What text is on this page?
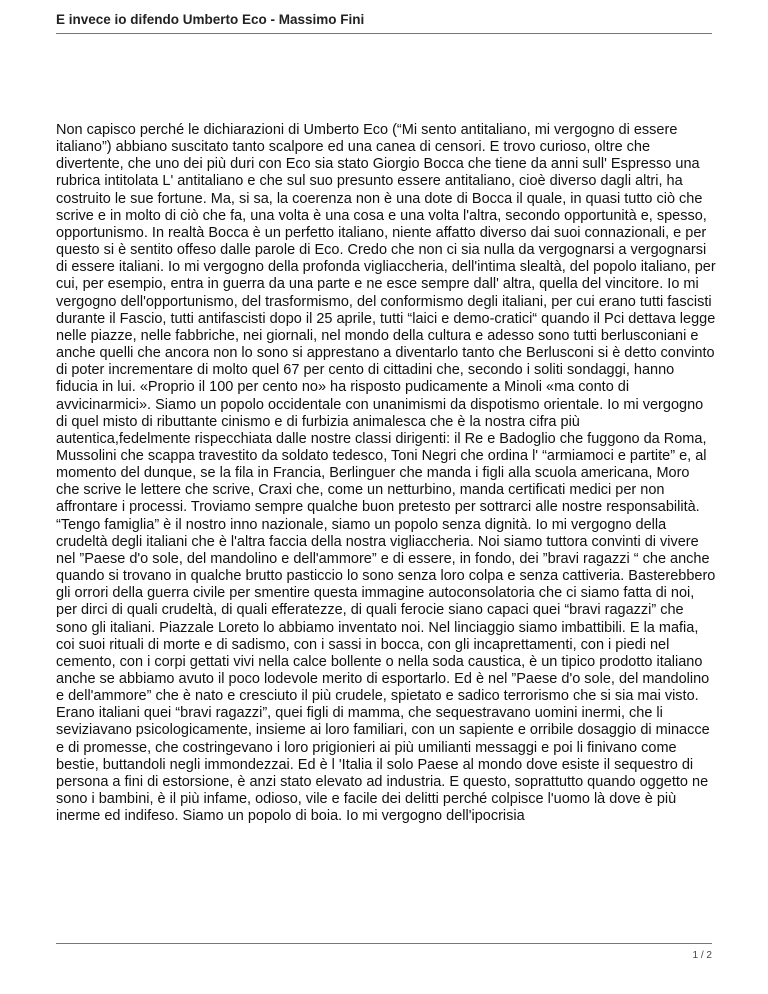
E invece io difendo Umberto Eco - Massimo Fini
Non capisco perché le dichiarazioni di Umberto Eco (“Mi sento antitaliano, mi vergogno di essere italiano”) abbiano suscitato tanto scalpore ed una canea di censori. E trovo curioso, oltre che divertente, che uno dei più duri con Eco sia stato Giorgio Bocca che tiene da anni sull' Espresso una rubrica intitolata L' antitaliano e che sul suo presunto essere antitaliano, cioè diverso dagli altri, ha costruito le sue fortune. Ma, si sa, la coerenza non è una dote di Bocca il quale, in quasi tutto ciò che scrive e in molto di ciò che fa, una volta è una cosa e una volta l'altra, secondo opportunità e, spesso, opportunismo. In realtà Bocca è un perfetto italiano, niente affatto diverso dai suoi connazionali, e per questo si è sentito offeso dalle parole di Eco. Credo che non ci sia nulla da vergognarsi a vergognarsi di essere italiani. Io mi vergogno della profonda vigliaccheria, dell'intima slealtà, del popolo italiano, per cui, per esempio, entra in guerra da una parte e ne esce sempre dall' altra, quella del vincitore. Io mi vergogno dell'opportunismo, del trasformismo, del conformismo degli italiani, per cui erano tutti fascisti durante il Fascio, tutti antifascisti dopo il 25 aprile, tutti “laici e demo-cratici“ quando il Pci dettava legge nelle piazze, nelle fabbriche, nei giornali, nel mondo della cultura e adesso sono tutti berlusconiani e anche quelli che ancora non lo sono si apprestano a diventarlo tanto che Berlusconi si è detto convinto di poter incrementare di molto quel 67 per cento di cittadini che, secondo i soliti sondaggi, hanno fiducia in lui. «Proprio il 100 per cento no» ha risposto pudicamente a Minoli «ma conto di avvicinarmici». Siamo un popolo occidentale con unanimismi da dispotismo orientale. Io mi vergogno di quel misto di ributtante cinismo e di furbizia animalesca che è la nostra cifra più autentica,fedelmente rispecchiata dalle nostre classi dirigenti: il Re e Badoglio che fuggono da Roma, Mussolini che scappa travestito da soldato tedesco, Toni Negri che ordina l' “armiamoci e partite” e, al momento del dunque, se la fila in Francia, Berlinguer che manda i figli alla scuola americana, Moro che scrive le lettere che scrive, Craxi che, come un netturbino, manda certificati medici per non affrontare i processi. Troviamo sempre qualche buon pretesto per sottrarci alle nostre responsabilità. “Tengo famiglia” è il nostro inno nazionale, siamo un popolo senza dignità. Io mi vergogno della crudeltà degli italiani che è l'altra faccia della nostra vigliaccheria. Noi siamo tuttora convinti di vivere nel ”Paese d'o sole, del mandolino e dell'ammore” e di essere, in fondo, dei ”bravi ragazzi “ che anche quando si trovano in qualche brutto pasticcio lo sono senza loro colpa e senza cattiveria. Basterebbero gli orrori della guerra civile per smentire questa immagine autoconsolatoria che ci siamo fatta di noi, per dirci di quali crudeltà, di quali efferatezze, di quali ferocie siano capaci quei “bravi ragazzi” che sono gli italiani. Piazzale Loreto lo abbiamo inventato noi. Nel linciaggio siamo imbattibili. E la mafia, coi suoi rituali di morte e di sadismo, con i sassi in bocca, con gli incaprettamenti, con i piedi nel cemento, con i corpi gettati vivi nella calce bollente o nella soda caustica, è un tipico prodotto italiano anche se abbiamo avuto il poco lodevole merito di esportarlo. Ed è nel ”Paese d'o sole, del mandolino e dell'ammore” che è nato e cresciuto il più crudele, spietato e sadico terrorismo che si sia mai visto. Erano italiani quei “bravi ragazzi”, quei figli di mamma, che sequestravano uomini inermi, che li seviziavano psicologicamente, insieme ai loro familiari, con un sapiente e orribile dosaggio di minacce e di promesse, che costringevano i loro prigionieri ai più umilianti messaggi e poi li finivano come bestie, buttandoli negli immondezzai. Ed è l 'Italia il solo Paese al mondo dove esiste il sequestro di persona a fini di estorsione, è anzi stato elevato ad industria. E questo, soprattutto quando oggetto ne sono i bambini, è il più infame, odioso, vile e facile dei delitti perché colpisce l'uomo là dove è più inerme ed indifeso. Siamo un popolo di boia. Io mi vergogno dell'ipocrisia
1 / 2
